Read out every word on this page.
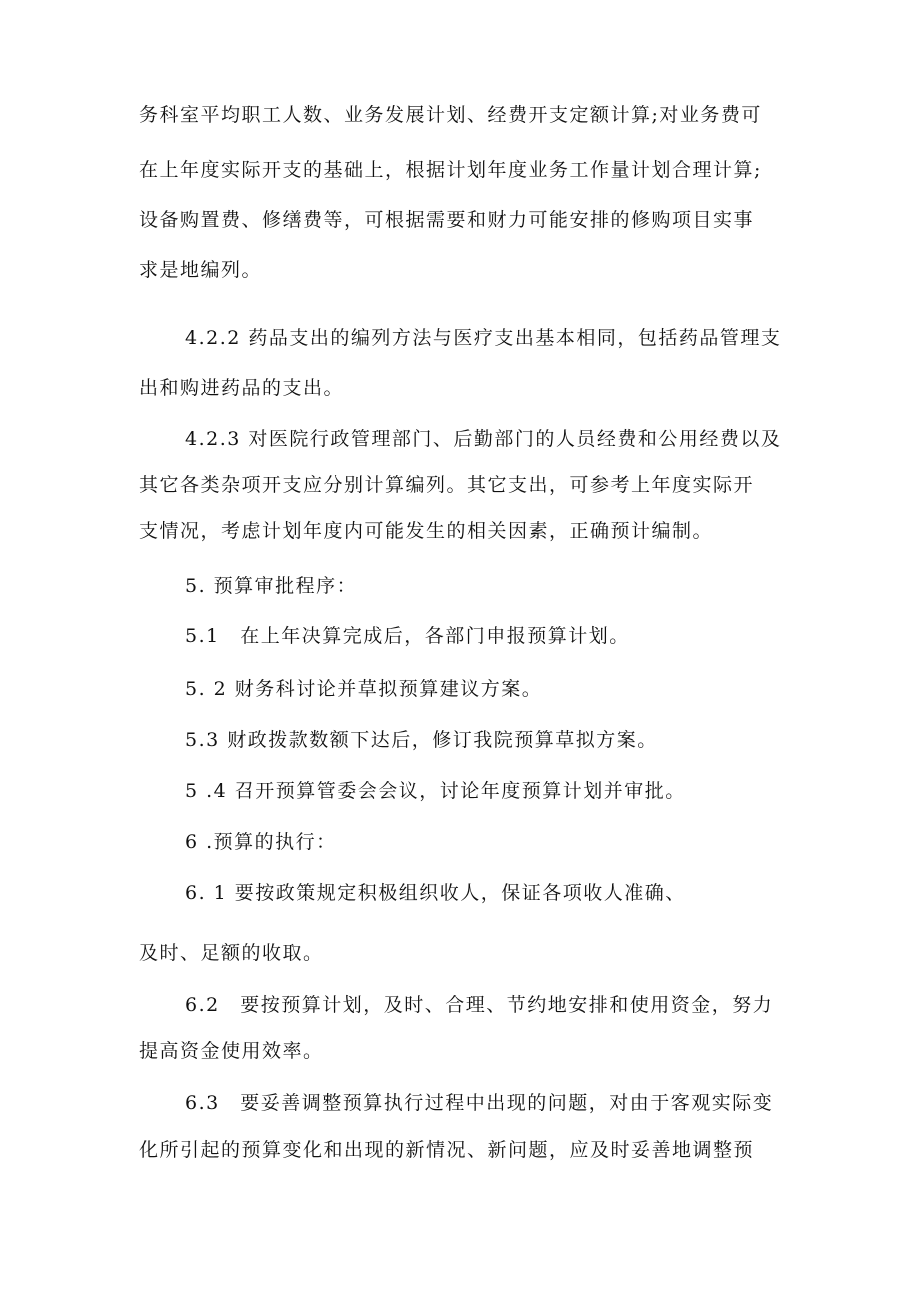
务科室平均职工人数、业务发展计划、经费开支定额计算;对业务费可

在上年度实际开支的基础上，根据计划年度业务工作量计划合理计算;

设备购置费、修缮费等，可根据需要和财力可能安排的修购项目实事

求是地编列。

4.2.2 药品支出的编列方法与医疗支出基本相同，包括药品管理支

出和购进药品的支出。

4.2.3 对医院行政管理部门、后勤部门的人员经费和公用经费以及

其它各类杂项开支应分别计算编列。其它支出，可参考上年度实际开

支情况，考虑计划年度内可能发生的相关因素，正确预计编制。

5. 预算审批程序：

5.1　在上年决算完成后，各部门申报预算计划。

5. 2 财务科讨论并草拟预算建议方案。

5.3 财政拨款数额下达后，修订我院预算草拟方案。

5 .4 召开预算管委会会议，讨论年度预算计划并审批。

6 .预算的执行：

6. 1 要按政策规定积极组织收人，保证各项收人准确、

及时、足额的收取。

6.2　要按预算计划，及时、合理、节约地安排和使用资金，努力

提高资金使用效率。

6.3　要妥善调整预算执行过程中出现的问题，对由于客观实际变

化所引起的预算变化和出现的新情况、新问题，应及时妥善地调整预
